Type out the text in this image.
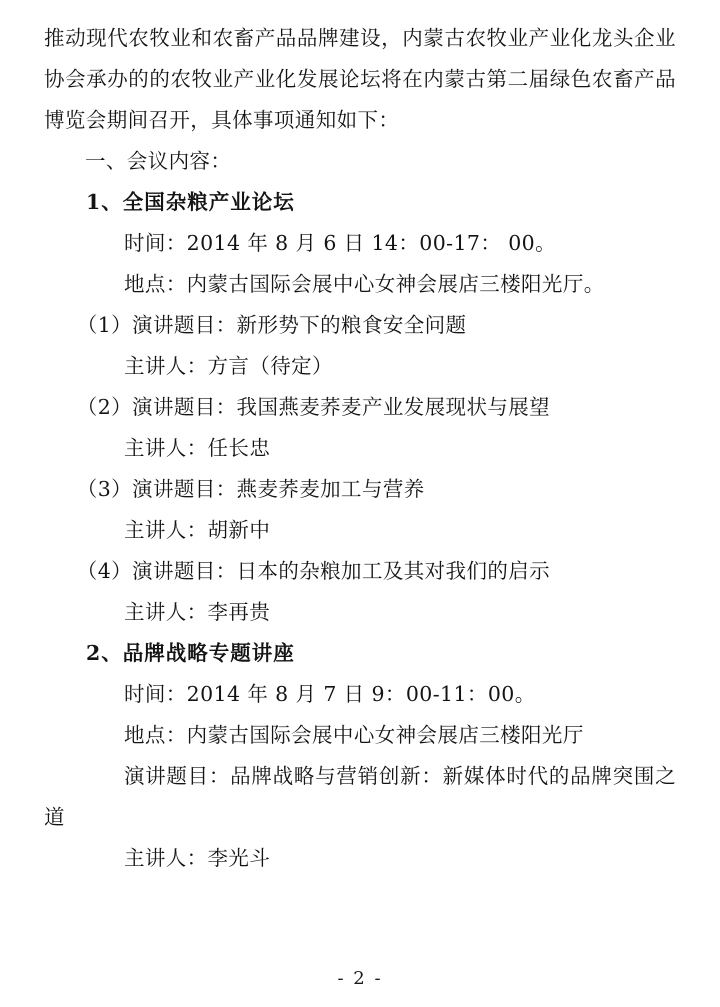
推动现代农牧业和农畜产品品牌建设，内蒙古农牧业产业化龙头企业协会承办的的农牧业产业化发展论坛将在内蒙古第二届绿色农畜产品博览会期间召开，具体事项通知如下：

一、会议内容：

1、全国杂粮产业论坛

时间：2014 年 8 月 6 日 14：00-17： 00。

地点：内蒙古国际会展中心女神会展店三楼阳光厅。

（1）演讲题目：新形势下的粮食安全问题

主讲人：方言（待定）

（2）演讲题目：我国燕麦荞麦产业发展现状与展望

主讲人：任长忠

（3）演讲题目：燕麦荞麦加工与营养

主讲人：胡新中

（4）演讲题目：日本的杂粮加工及其对我们的启示

主讲人：李再贵

2、品牌战略专题讲座

时间：2014 年 8 月 7 日 9：00-11：00。

地点：内蒙古国际会展中心女神会展店三楼阳光厅

演讲题目：品牌战略与营销创新：新媒体时代的品牌突围之道

主讲人：李光斗

- 2 -
